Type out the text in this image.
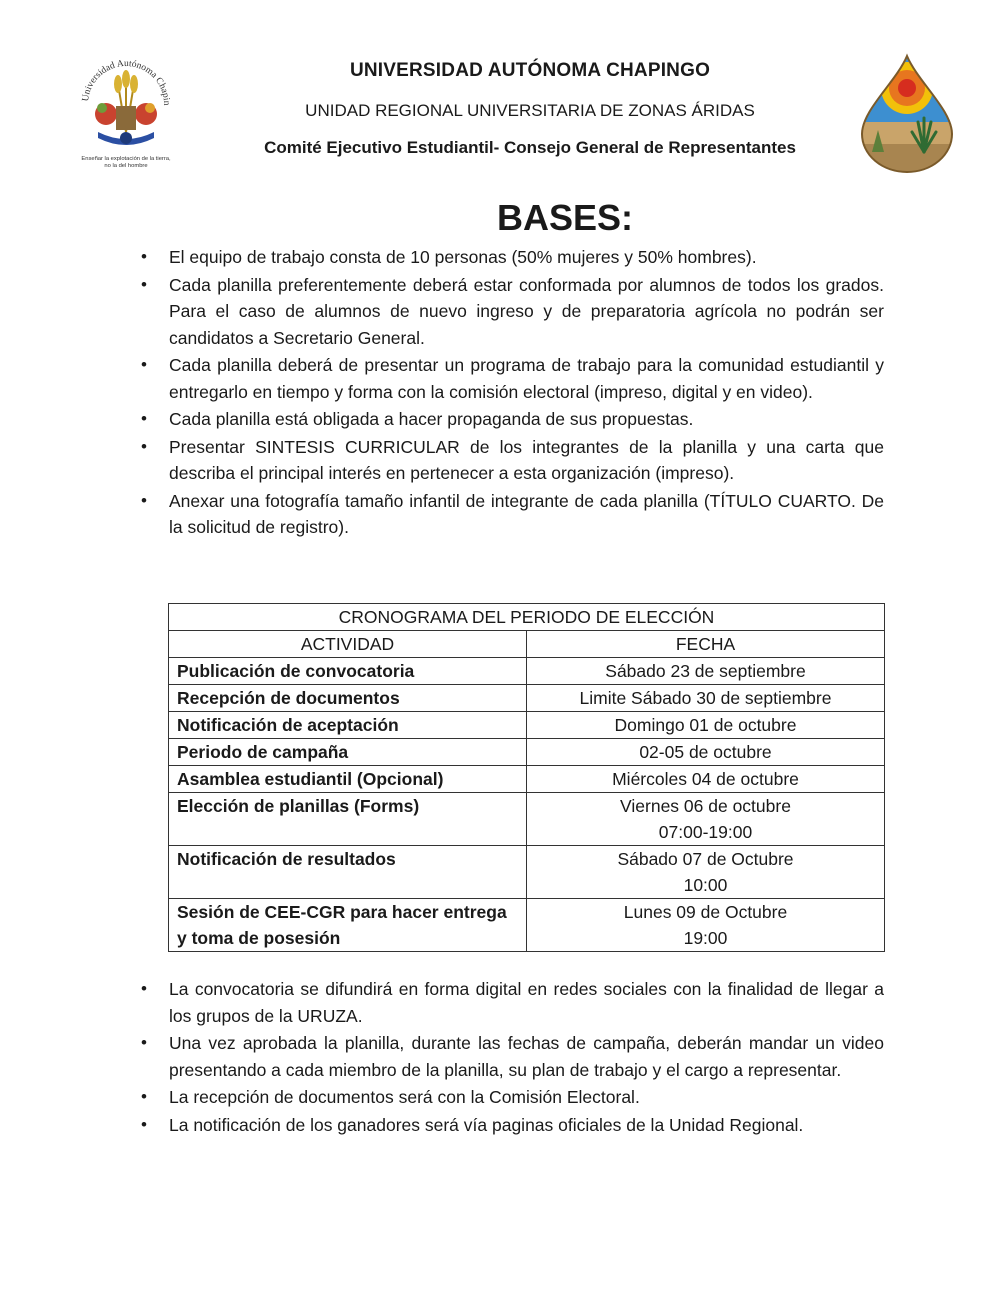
Universidad Autónoma Chapin
Enseñar la explotación de la tierra,
no la del hombre
UNIVERSIDAD AUTÓNOMA CHAPINGO
UNIDAD REGIONAL UNIVERSITARIA DE ZONAS ÁRIDAS
Comité Ejecutivo Estudiantil- Consejo General de Representantes
BASES:
• El equipo de trabajo consta de 10 personas (50% mujeres y 50% hombres).
• Cada planilla preferentemente deberá estar conformada por alumnos de todos los grados. Para el caso de alumnos de nuevo ingreso y de preparatoria agrícola no podrán ser candidatos a Secretario General.
• Cada planilla deberá de presentar un programa de trabajo para la comunidad estudiantil y entregarlo en tiempo y forma con la comisión electoral (impreso, digital y en video).
• Cada planilla está obligada a hacer propaganda de sus propuestas.
• Presentar SINTESIS CURRICULAR de los integrantes de la planilla y una carta que describa el principal interés en pertenecer a esta organización (impreso).
• Anexar una fotografía tamaño infantil de integrante de cada planilla (TÍTULO CUARTO. De la solicitud de registro).
CRONOGRAMA DEL PERIODO DE ELECCIÓN	
ACTIVIDAD	FECHA
Publicación de convocatoria	Sábado 23 de septiembre

Recepción de documentos	Limite Sábado 30 de septiembre

Notificación de aceptación	Domingo 01 de octubre

Periodo de campaña	02-05 de octubre

Asamblea estudiantil (Opcional)	Miércoles 04 de octubre

Elección de planillas (Forms)	Viernes 06 de octubre
07:00-19:00

Notificación de resultados	Sábado 07 de Octubre
10:00

Sesión de CEE-CGR para hacer entrega y toma de posesión	Lunes 09 de Octubre
19:00
• La convocatoria se difundirá en forma digital en redes sociales con la finalidad de llegar a los grupos de la URUZA.
• Una vez aprobada la planilla, durante las fechas de campaña, deberán mandar un video presentando a cada miembro de la planilla, su plan de trabajo y el cargo a representar.
• La recepción de documentos será con la Comisión Electoral.
• La notificación de los ganadores será vía paginas oficiales de la Unidad Regional.
